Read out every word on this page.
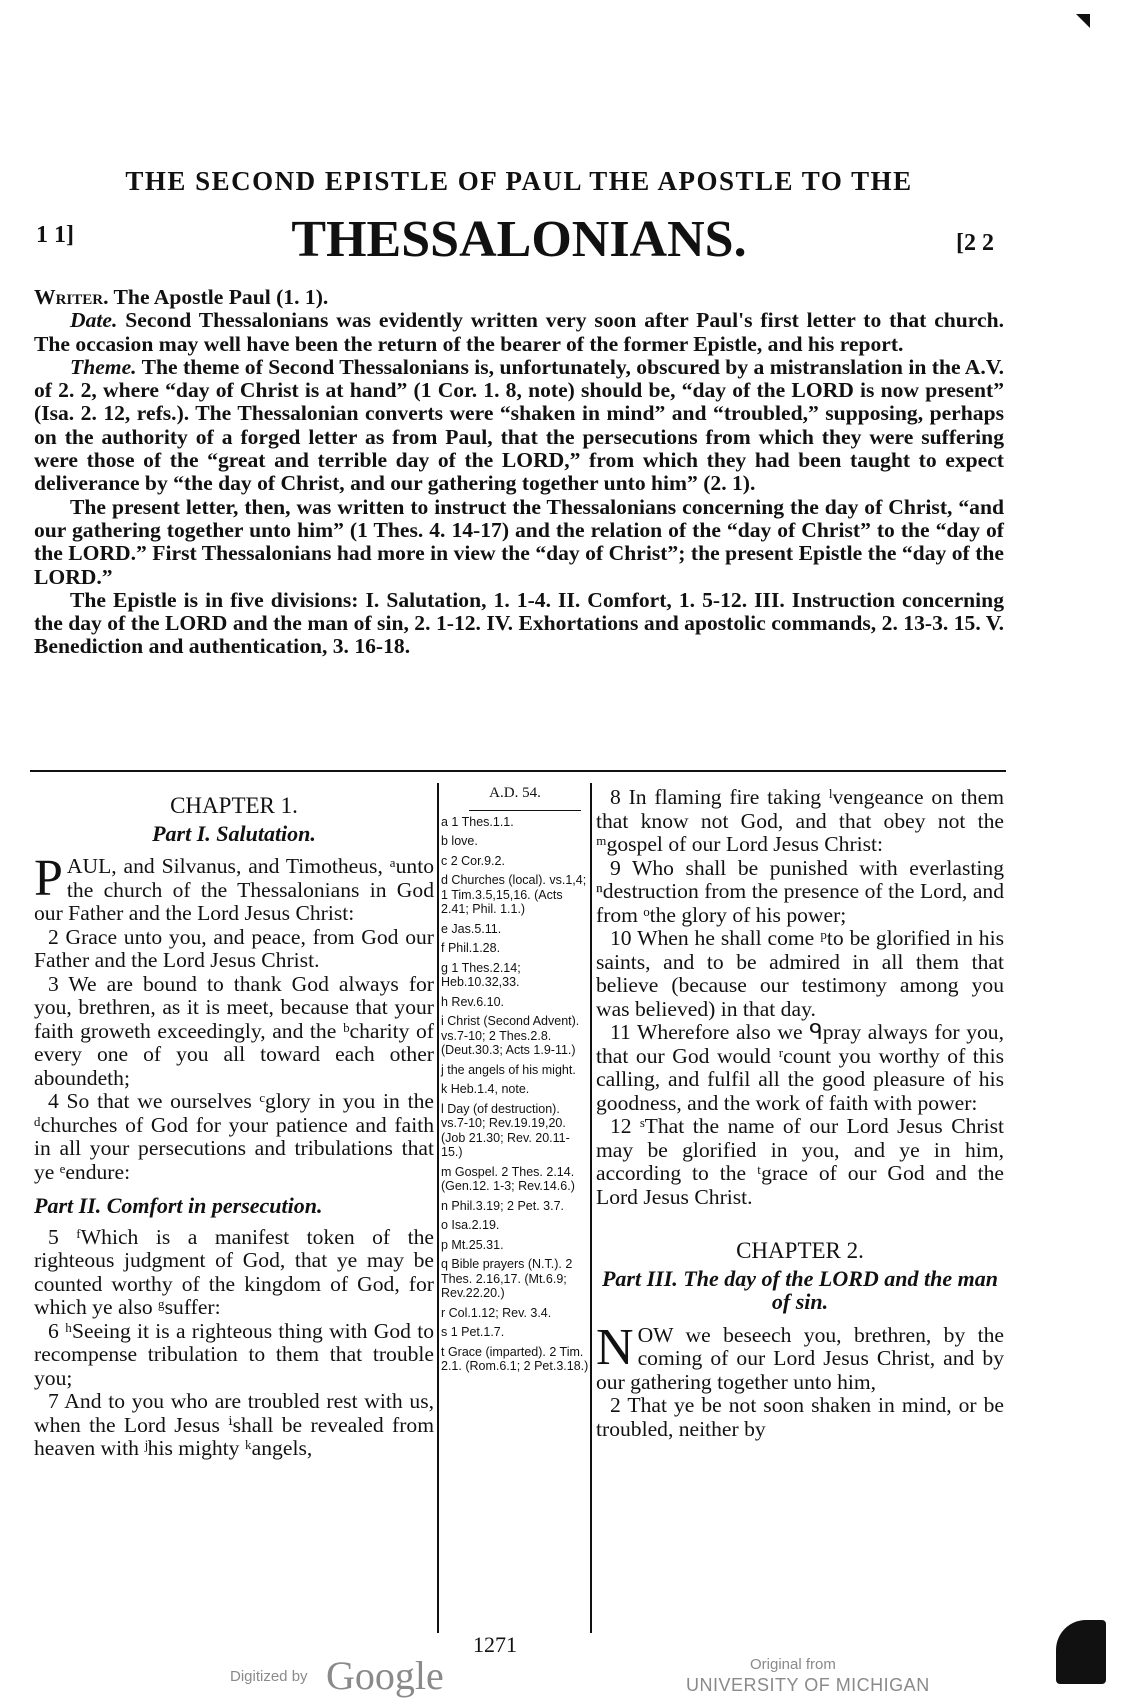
THE SECOND EPISTLE OF PAUL THE APOSTLE TO THE
1 1]	THESSALONIANS.	[2 2

Writer. The Apostle Paul (1. 1).

Date. Second Thessalonians was evidently written very soon after Paul's first letter to that church. The occasion may well have been the return of the bearer of the former Epistle, and his report.

Theme. The theme of Second Thessalonians is, unfortunately, obscured by a mistranslation in the A.V. of 2. 2, where “day of Christ is at hand” (1 Cor. 1. 8, note) should be, “day of the LORD is now present” (Isa. 2. 12, refs.). The Thessalonian converts were “shaken in mind” and “troubled,” supposing, perhaps on the authority of a forged letter as from Paul, that the persecutions from which they were suffering were those of the “great and terrible day of the LORD,” from which they had been taught to expect deliverance by “the day of Christ, and our gathering together unto him” (2. 1).

The present letter, then, was written to instruct the Thessalonians concerning the day of Christ, “and our gathering together unto him” (1 Thes. 4. 14-17) and the relation of the “day of Christ” to the “day of the LORD.” First Thessalonians had more in view the “day of Christ”; the present Epistle the “day of the LORD.”

The Epistle is in five divisions: I. Salutation, 1. 1-4. II. Comfort, 1. 5-12. III. Instruction concerning the day of the LORD and the man of sin, 2. 1-12. IV. Exhortations and apostolic commands, 2. 13-3. 15. V. Benediction and authentication, 3. 16-18.

CHAPTER 1.

Part I. Salutation.

PAUL, and Silvanus, and Timotheus, ᵃunto the church of the Thessalonians in God our Father and the Lord Jesus Christ:

2 Grace unto you, and peace, from God our Father and the Lord Jesus Christ.

3 We are bound to thank God always for you, brethren, as it is meet, because that your faith groweth exceedingly, and the ᵇcharity of every one of you all toward each other aboundeth;

4 So that we ourselves ᶜglory in you in the ᵈchurches of God for your patience and faith in all your persecutions and tribulations that ye ᵉendure:

Part II. Comfort in persecution.

5 ᶠWhich is a manifest token of the righteous judgment of God, that ye may be counted worthy of the kingdom of God, for which ye also ᵍsuffer:

6 ʰSeeing it is a righteous thing with God to recompense tribulation to them that trouble you;

7 And to you who are troubled rest with us, when the Lord Jesus ⁱshall be revealed from heaven with ʲhis mighty ᵏangels,

A.D. 54.
a 1 Thes.1.1.
b love.
c 2 Cor.9.2.
d Churches (local). vs.1,4; 1 Tim.3.5,15,16. (Acts 2.41; Phil. 1.1.)
e Jas.5.11.
f Phil.1.28.
g 1 Thes.2.14; Heb.10.32,33.
h Rev.6.10.
i Christ (Second Advent). vs.7-10; 2 Thes.2.8. (Deut.30.3; Acts 1.9-11.)
j the angels of his might.
k Heb.1.4, note.
l Day (of destruction). vs.7-10; Rev.19.19,20. (Job 21.30; Rev. 20.11-15.)
m Gospel. 2 Thes. 2.14. (Gen.12. 1-3; Rev.14.6.)
n Phil.3.19; 2 Pet. 3.7.
o Isa.2.19.
p Mt.25.31.
q Bible prayers (N.T.). 2 Thes. 2.16,17. (Mt.6.9; Rev.22.20.)
r Col.1.12; Rev. 3.4.
s 1 Pet.1.7.
t Grace (imparted). 2 Tim. 2.1. (Rom.6.1; 2 Pet.3.18.)

8 In flaming fire taking ˡvengeance on them that know not God, and that obey not the ᵐgospel of our Lord Jesus Christ:

9 Who shall be punished with everlasting ⁿdestruction from the presence of the Lord, and from ᵒthe glory of his power;

10 When he shall come ᵖto be glorified in his saints, and to be admired in all them that believe (because our testimony among you was believed) in that day.

11 Wherefore also we ᑫpray always for you, that our God would ʳcount you worthy of this calling, and fulfil all the good pleasure of his goodness, and the work of faith with power:

12 ˢThat the name of our Lord Jesus Christ may be glorified in you, and ye in him, according to the ᵗgrace of our God and the Lord Jesus Christ.

CHAPTER 2.

Part III. The day of the LORD and the man of sin.

NOW we beseech you, brethren, by the coming of our Lord Jesus Christ, and by our gathering together unto him,

2 That ye be not soon shaken in mind, or be troubled, neither by

1271
Digitized by Google	Original from
UNIVERSITY OF MICHIGAN
